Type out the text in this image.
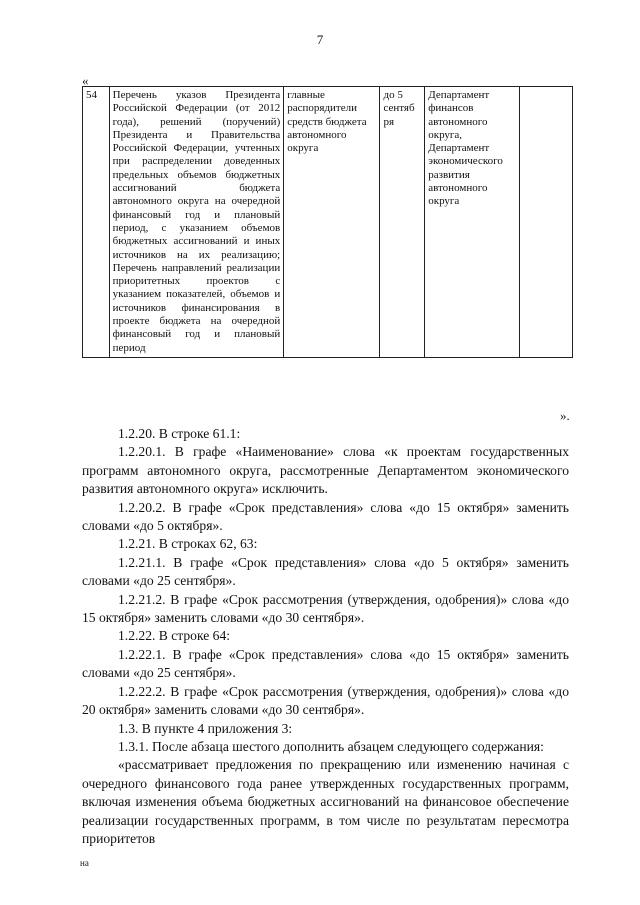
7
«
54	Перечень указов Президента Российской Федерации (от 2012 года), решений (поручений) Президента и Правительства Российской Федерации, учтенных при распределении доведенных предельных объемов бюджетных ассигнований бюджета автономного округа на очередной финансовый год и плановый период, с указанием объемов бюджетных ассигнований и иных источников на их реализацию; Перечень направлений реализации приоритетных проектов с указанием показателей, объемов и источников финансирования в проекте бюджета на очередной финансовый год и плановый период	главные распорядители средств бюджета автономного округа	до 5 сентяб ря	Департамент финансов автономного округа, Департамент экономического развития автономного округа	
».

1.2.20. В строке 61.1:

1.2.20.1. В графе «Наименование» слова «к проектам государственных программ автономного округа, рассмотренные Департаментом экономического развития автономного округа» исключить.

1.2.20.2. В графе «Срок представления» слова «до 15 октября» заменить словами «до 5 октября».

1.2.21. В строках 62, 63:

1.2.21.1. В графе «Срок представления» слова «до 5 октября» заменить словами «до 25 сентября».

1.2.21.2. В графе «Срок рассмотрения (утверждения, одобрения)» слова «до 15 октября» заменить словами «до 30 сентября».

1.2.22. В строке 64:

1.2.22.1. В графе «Срок представления» слова «до 15 октября» заменить словами «до 25 сентября».

1.2.22.2. В графе «Срок рассмотрения (утверждения, одобрения)» слова «до 20 октября» заменить словами «до 30 сентября».

1.3. В пункте 4 приложения 3:

1.3.1. После абзаца шестого дополнить абзацем следующего содержания:

«рассматривает предложения по прекращению или изменению начиная с очередного финансового года ранее утвержденных государственных программ, включая изменения объема бюджетных ассигнований на финансовое обеспечение реализации государственных программ, в том числе по результатам пересмотра приоритетов

на
